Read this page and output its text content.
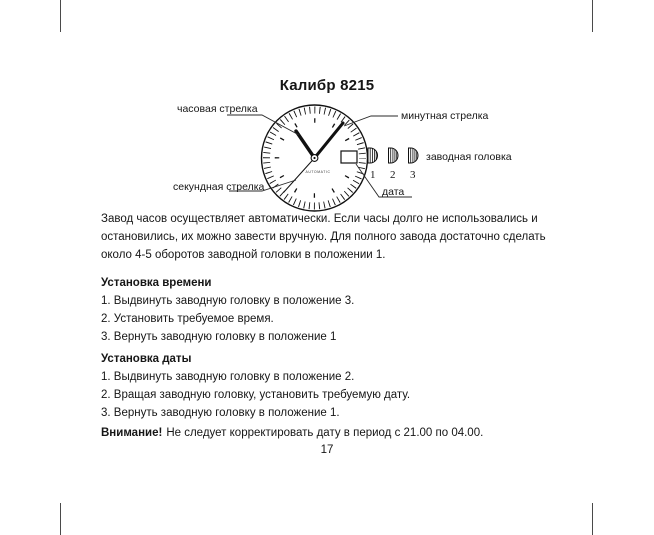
Калибр 8215
AUTOMATIC	1 2 3
часовая стрелка
минутная стрелка
секундная стрелка
заводная головка
дата
Завод часов осуществляет автоматически. Если часы долго не использовались и остановились, их можно завести вручную. Для полного завода достаточно сделать около 4-5 оборотов заводной головки в положении 1.
Установка времени
1. Выдвинуть заводную головку в положение 3.
2. Установить требуемое время.
3. Вернуть заводную головку в положение 1
Установка даты
1. Выдвинуть заводную головку в положение 2.
2. Вращая заводную головку, установить требуемую дату.
3. Вернуть заводную головку в положение 1.
Внимание! Не следует корректировать дату в период с 21.00 по 04.00.
17
